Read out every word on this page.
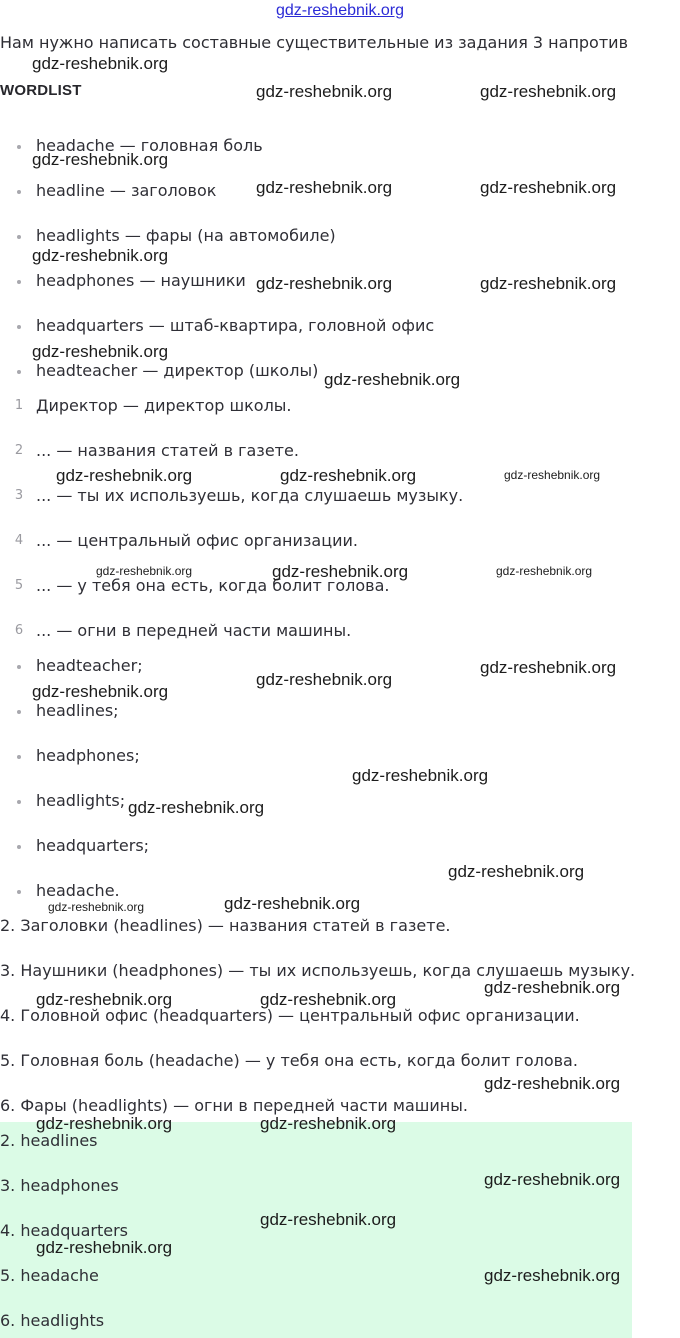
gdz-reshebnik.org
Нам нужно написать составные существительные из задания 3 напротив
WORDLIST
headache — головная боль
headline — заголовок
headlights — фары (на автомобиле)
headphones — наушники
headquarters — штаб-квартира, головной офис
headteacher — директор (школы)
1 Директор — директор школы.
2 ... — названия статей в газете.
3 ... — ты их используешь, когда слушаешь музыку.
4 ... — центральный офис организации.
5 ... — у тебя она есть, когда болит голова.
6 ... — огни в передней части машины.
headteacher;
headlines;
headphones;
headlights;
headquarters;
headache.
2. Заголовки (headlines) — названия статей в газете.
3. Наушники (headphones) — ты их используешь, когда слушаешь музыку.
4. Головной офис (headquarters) — центральный офис организации.
5. Головная боль (headache) — у тебя она есть, когда болит голова.
6. Фары (headlights) — огни в передней части машины.
2. headlines
3. headphones
4. headquarters
5. headache
6. headlights
gdz-reshebnik.org
gdz-reshebnik.org	gdz-reshebnik.org
gdz-reshebnik.org
gdz-reshebnik.org	gdz-reshebnik.org
gdz-reshebnik.org
gdz-reshebnik.org	gdz-reshebnik.org
gdz-reshebnik.org
gdz-reshebnik.org
gdz-reshebnik.org	gdz-reshebnik.org	gdz-reshebnik.org
gdz-reshebnik.org	gdz-reshebnik.org	gdz-reshebnik.org
gdz-reshebnik.org
gdz-reshebnik.org
gdz-reshebnik.org
gdz-reshebnik.org
gdz-reshebnik.org
gdz-reshebnik.org
gdz-reshebnik.org	gdz-reshebnik.org
gdz-reshebnik.org
gdz-reshebnik.org	gdz-reshebnik.org
gdz-reshebnik.org
gdz-reshebnik.org	gdz-reshebnik.org
gdz-reshebnik.org
gdz-reshebnik.org
gdz-reshebnik.org
gdz-reshebnik.org
